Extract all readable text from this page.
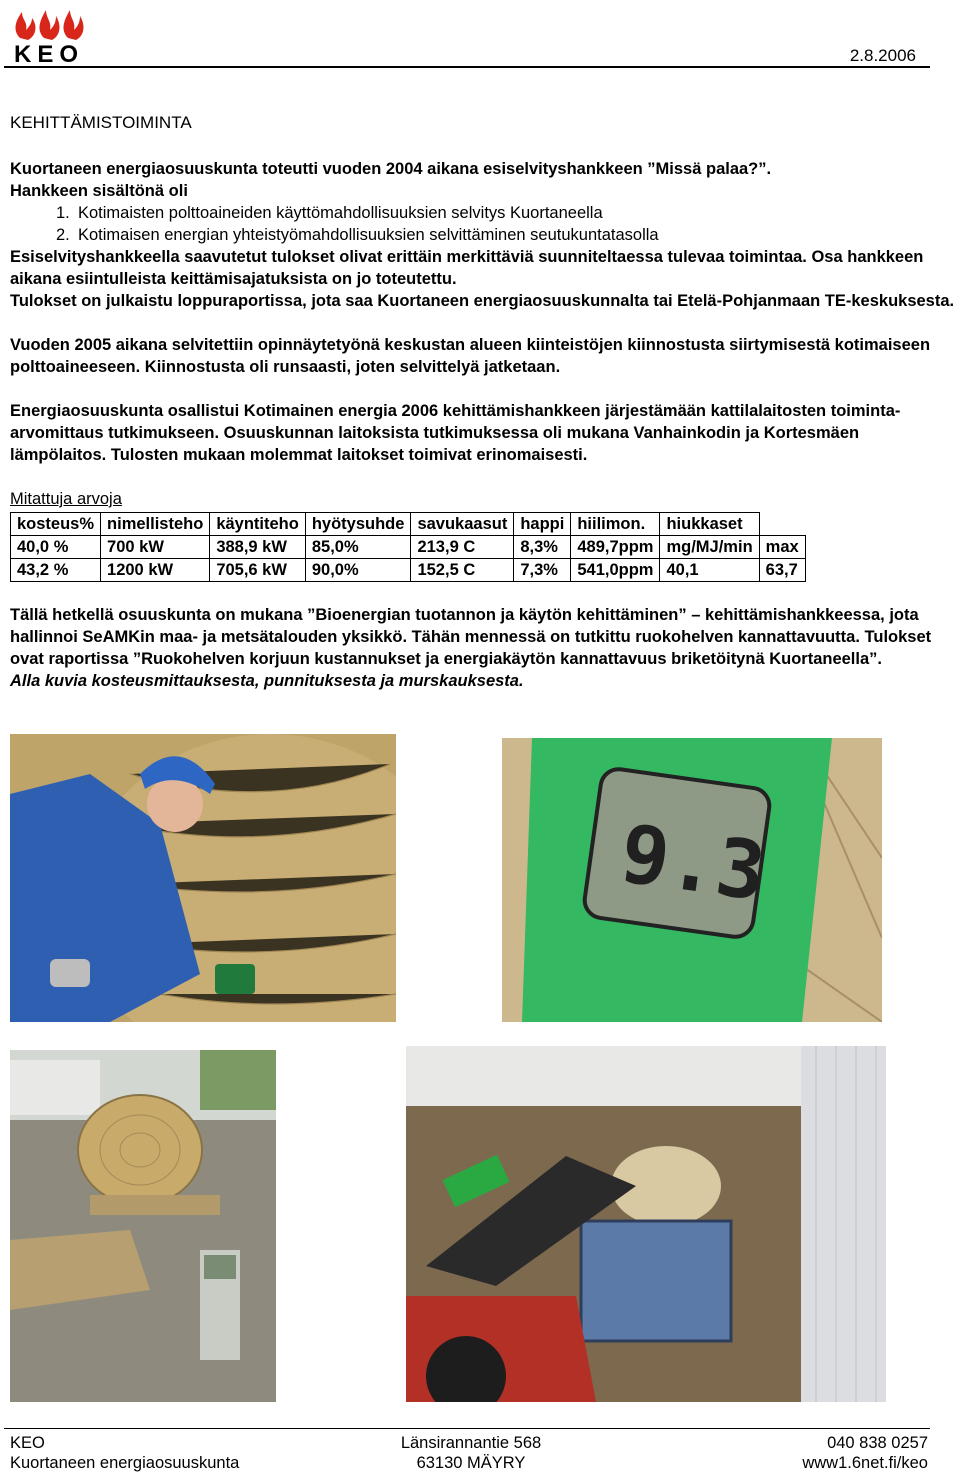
KEO	2.8.2006
KEHITTÄMISTOIMINTA

Kuortaneen energiaosuuskunta toteutti vuoden 2004 aikana esiselvityshankkeen ”Missä palaa?”.

Hankkeen sisältönä oli

1. Kotimaisten polttoaineiden käyttömahdollisuuksien selvitys Kuortaneella
2. Kotimaisen energian yhteistyömahdollisuuksien selvittäminen seutukuntatasolla

Esiselvityshankkeella saavutetut tulokset olivat erittäin merkittäviä suunniteltaessa tulevaa toimintaa. Osa hankkeen aikana esiintulleista keittämisajatuksista on jo toteutettu.

Tulokset on julkaistu loppuraportissa, jota saa Kuortaneen energiaosuuskunnalta tai Etelä-Pohjanmaan TE-keskuksesta.

Vuoden 2005 aikana selvitettiin opinnäytetyönä keskustan alueen kiinteistöjen kiinnostusta siirtymisestä kotimaiseen polttoaineeseen. Kiinnostusta oli runsaasti, joten selvittelyä jatketaan.

Energiaosuuskunta osallistui Kotimainen energia 2006 kehittämishankkeen järjestämään kattilalaitosten toiminta-arvomittaus tutkimukseen. Osuuskunnan laitoksista tutkimuksessa oli mukana Vanhainkodin ja Kortesmäen lämpölaitos. Tulosten mukaan molemmat laitokset toimivat erinomaisesti.

Mitattuja arvoja
kosteus%	nimellisteho	käyntiteho	hyötysuhde	savukaasut	happi	hiilimon.	hiukkaset	
40,0 %	700 kW	388,9 kW	85,0%	213,9 C	8,3%	489,7ppm	mg/MJ/min	max
43,2 %	1200 kW	705,6 kW	90,0%	152,5 C	7,3%	541,0ppm	40,1	63,7

Tällä hetkellä osuuskunta on mukana ”Bioenergian tuotannon ja käytön kehittäminen” – kehittämishankkeessa, jota hallinnoi SeAMKin maa- ja metsätalouden yksikkö. Tähän mennessä on tutkittu ruokohelven kannattavuutta. Tulokset ovat raportissa ”Ruokohelven korjuun kustannukset ja energiakäytön kannattavuus briketöitynä Kuortaneella”.

Alla kuvia kosteusmittauksesta, punnituksesta ja murskauksesta.

9.3
KEO
Kuortaneen energiaosuuskunta
Länsirannantie 568
63130 MÄYRY
040 838 0257
www1.6net.fi/keo
